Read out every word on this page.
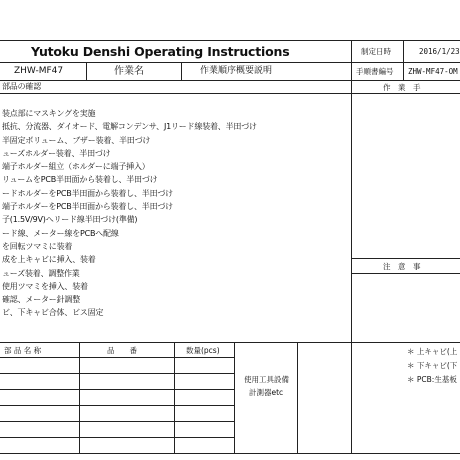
Yutoku Denshi Operating Instructions	制定日時	2016/1/23
ZHW-MF47	作業名	作業順序概要説明	手順書編号 ZHW-MF47-OM
部品の確認
装点部にマスキングを実施
抵抗、分流器、ダイオード、電解コンデンサ、J1リード線装着、半田づけ
半固定ボリューム、ブザー装着、半田づけ
ューズホルダー装着、半田づけ
端子ホルダー組立（ホルダーに端子挿入）
リュームをPCB半田面から装着し、半田づけ
ードホルダーをPCB半田面から装着し、半田づけ
端子ホルダーをPCB半田面から装着し、半田づけ
子(1.5V/9V)へリード線半田づけ(準備)
ード線、メーター線をPCBへ配線
を回転ツマミに装着
成を上キャビに挿入、装着
ューズ装着、調整作業
使用ツマミを挿入、装着
確認、メーター針調整
ビ、下キャビ合体、ビス固定
作　業　手
注　意　事
部 品 名 称	品　　番	数量(pcs)
使用工具設備
計測器etc
＊ 上キャビ(上
＊ 下キャビ(下
＊ PCB:生基板
